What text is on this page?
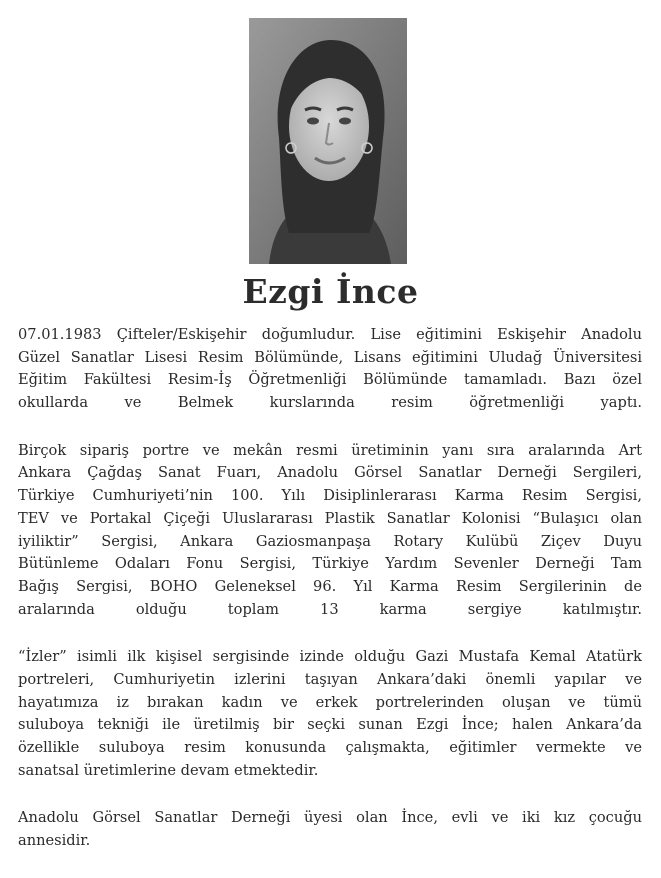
Ezgi İnce
07.01.1983 Çifteler/Eskişehir doğumludur. Lise eğitimini Eskişehir Anadolu
Güzel Sanatlar Lisesi Resim Bölümünde, Lisans eğitimini Uludağ Üniversitesi
Eğitim Fakültesi Resim-İş Öğretmenliği Bölümünde tamamladı. Bazı özel
okullarda ve Belmek kurslarında resim öğretmenliği yaptı.
Birçok sipariş portre ve mekân resmi üretiminin yanı sıra aralarında Art
Ankara Çağdaş Sanat Fuarı, Anadolu Görsel Sanatlar Derneği Sergileri,
Türkiye Cumhuriyeti’nin 100. Yılı Disiplinlerarası Karma Resim Sergisi,
TEV ve Portakal Çiçeği Uluslararası Plastik Sanatlar Kolonisi “Bulaşıcı olan
iyiliktir” Sergisi, Ankara Gaziosmanpaşa Rotary Kulübü Ziçev Duyu
Bütünleme Odaları Fonu Sergisi, Türkiye Yardım Sevenler Derneği Tam
Bağış Sergisi, BOHO Geleneksel 96. Yıl Karma Resim Sergilerinin de
aralarında olduğu toplam 13 karma sergiye katılmıştır.
“İzler” isimli ilk kişisel sergisinde izinde olduğu Gazi Mustafa Kemal Atatürk
portreleri, Cumhuriyetin izlerini taşıyan Ankara’daki önemli yapılar ve
hayatımıza iz bırakan kadın ve erkek portrelerinden oluşan ve tümü
suluboya tekniği ile üretilmiş bir seçki sunan Ezgi İnce; halen Ankara’da
özellikle suluboya resim konusunda çalışmakta, eğitimler vermekte ve
sanatsal üretimlerine devam etmektedir.
Anadolu Görsel Sanatlar Derneği üyesi olan İnce, evli ve iki kız çocuğu
annesidir.
